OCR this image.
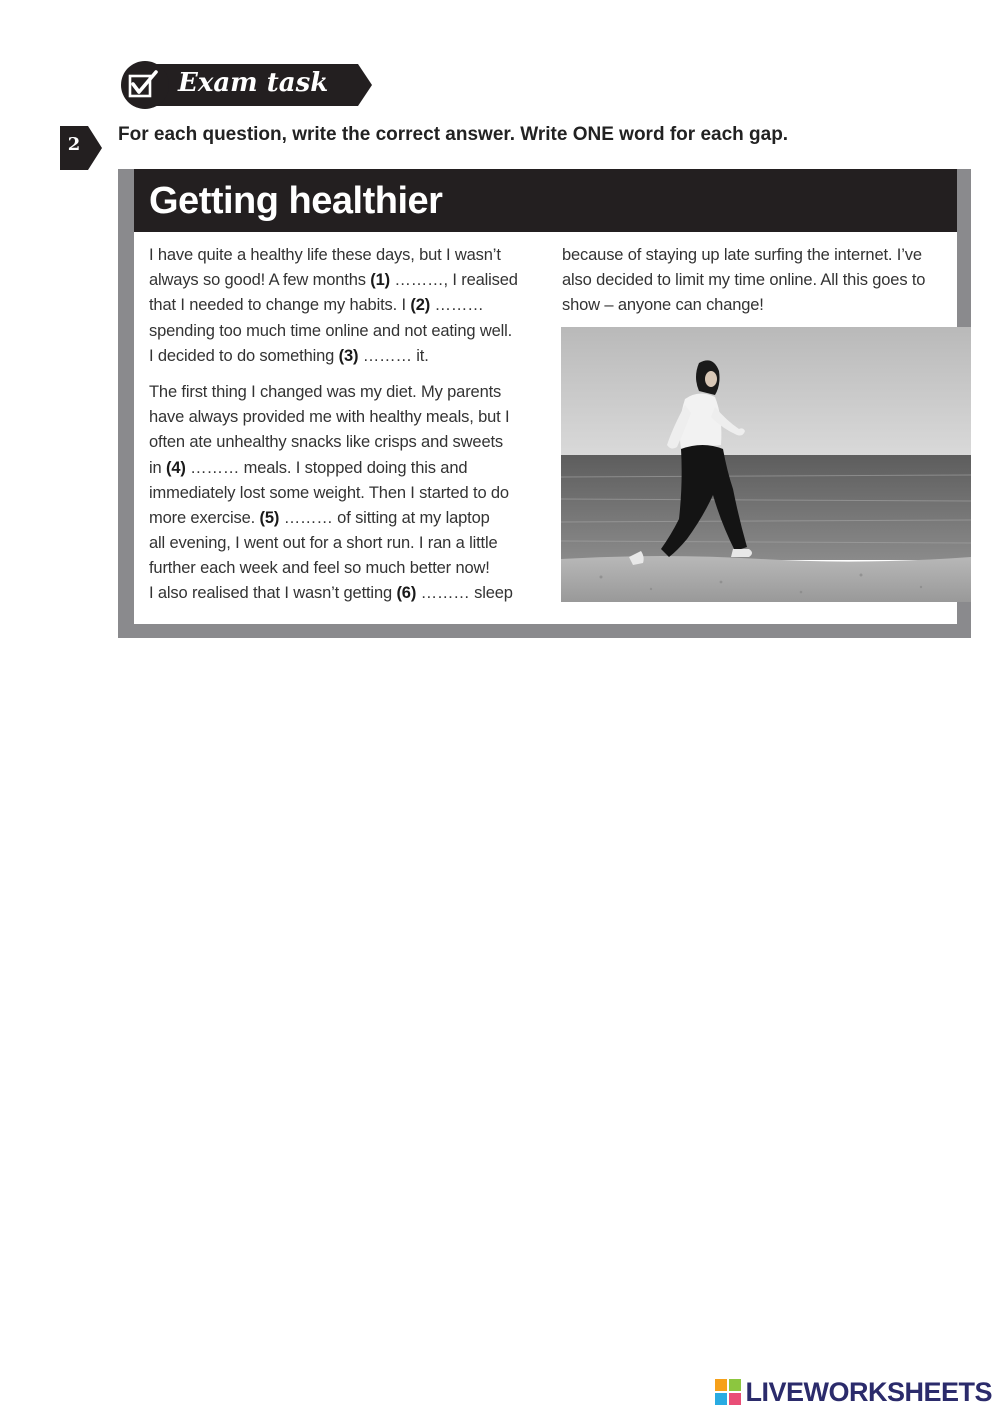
Exam task
2 For each question, write the correct answer. Write ONE word for each gap.
Getting healthier

I have quite a healthy life these days, but I wasn’t
always so good! A few months (1) ………, I realised
that I needed to change my habits. I (2) ………
spending too much time online and not eating well.
I decided to do something (3) ……… it.

The first thing I changed was my diet. My parents
have always provided me with healthy meals, but I
often ate unhealthy snacks like crisps and sweets
in (4) ……… meals. I stopped doing this and
immediately lost some weight. Then I started to do
more exercise. (5) ……… of sitting at my laptop
all evening, I went out for a short run. I ran a little
further each week and feel so much better now!
I also realised that I wasn’t getting (6) ……… sleep

because of staying up late surfing the internet. I’ve
also decided to limit my time online. All this goes to
show – anyone can change!

LIVEWORKSHEETS
